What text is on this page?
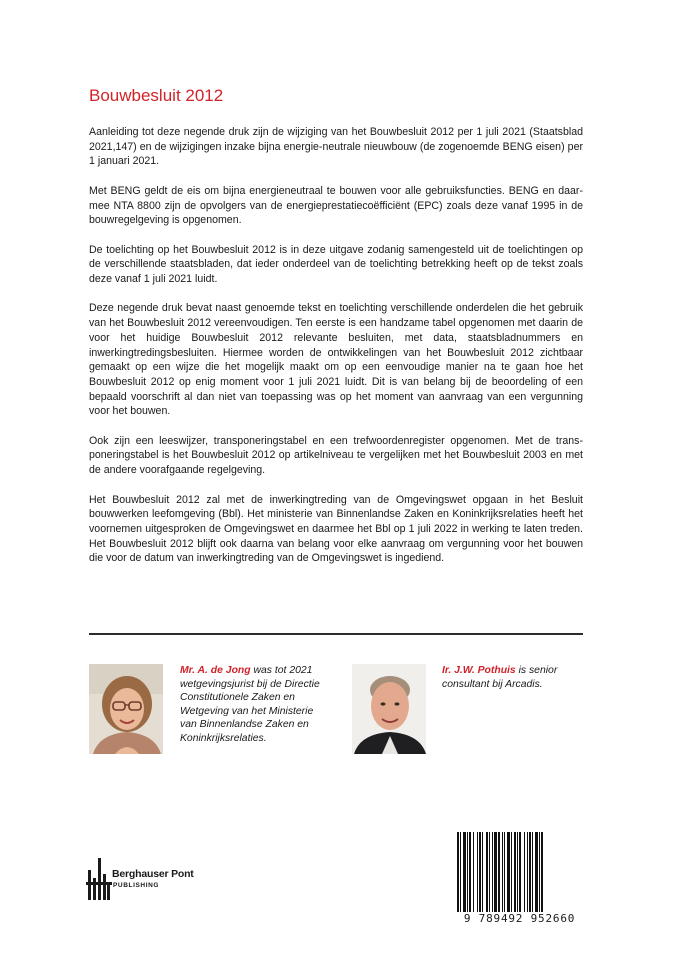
Bouwbesluit 2012

Aanleiding tot deze negende druk zijn de wijziging van het Bouwbesluit 2012 per 1 juli 2021 (Staatsblad 2021,147) en de wijzigingen inzake bijna energie-neutrale nieuwbouw (de zogenoemde BENG eisen) per 1 januari 2021.

Met BENG geldt de eis om bijna energieneutraal te bouwen voor alle gebruiksfuncties. BENG en daarmee NTA 8800 zijn de opvolgers van de energieprestatiecoëfficiënt (EPC) zoals deze vanaf 1995 in de bouwregelgeving is opgenomen.

De toelichting op het Bouwbesluit 2012 is in deze uitgave zodanig samengesteld uit de toelichtingen op de verschillende staatsbladen, dat ieder onderdeel van de toelichting betrekking heeft op de tekst zoals deze vanaf 1 juli 2021 luidt.

Deze negende druk bevat naast genoemde tekst en toelichting verschillende onderdelen die het gebruik van het Bouwbesluit 2012 vereenvoudigen. Ten eerste is een handzame tabel opgenomen met daarin de voor het huidige Bouwbesluit 2012 relevante besluiten, met data, staatsbladnummers en inwerkingtredingsbesluiten. Hiermee worden de ontwikkelingen van het Bouwbesluit 2012 zichtbaar gemaakt op een wijze die het mogelijk maakt om op een eenvoudige manier na te gaan hoe het Bouwbesluit 2012 op enig moment voor 1 juli 2021 luidt. Dit is van belang bij de beoordeling of een bepaald voorschrift al dan niet van toepassing was op het moment van aanvraag van een vergunning voor het bouwen.

Ook zijn een leeswijzer, transponeringstabel en een trefwoordenregister opgenomen. Met de transponeringstabel is het Bouwbesluit 2012 op artikelniveau te vergelijken met het Bouwbesluit 2003 en met de andere voorafgaande regelgeving.

Het Bouwbesluit 2012 zal met de inwerkingtreding van de Omgevingswet opgaan in het Besluit bouwwerken leefomgeving (Bbl). Het ministerie van Binnenlandse Zaken en Koninkrijksrelaties heeft het voornemen uitgesproken de Omgevingswet en daarmee het Bbl op 1 juli 2022 in werking te laten treden. Het Bouwbesluit 2012 blijft ook daarna van belang voor elke aanvraag om vergunning voor het bouwen die voor de datum van inwerkingtreding van de Omgevingswet is ingediend.

Mr. A. de Jong was tot 2021 wetgevingsjurist bij de Directie Constitutionele Zaken en Wetgeving van het Ministerie van Binnenlandse Zaken en Koninkrijksrelaties.
Ir. J.W. Pothuis is senior consultant bij Arcadis.
Berghauser Pont
PUBLISHING
9 789492 952660
